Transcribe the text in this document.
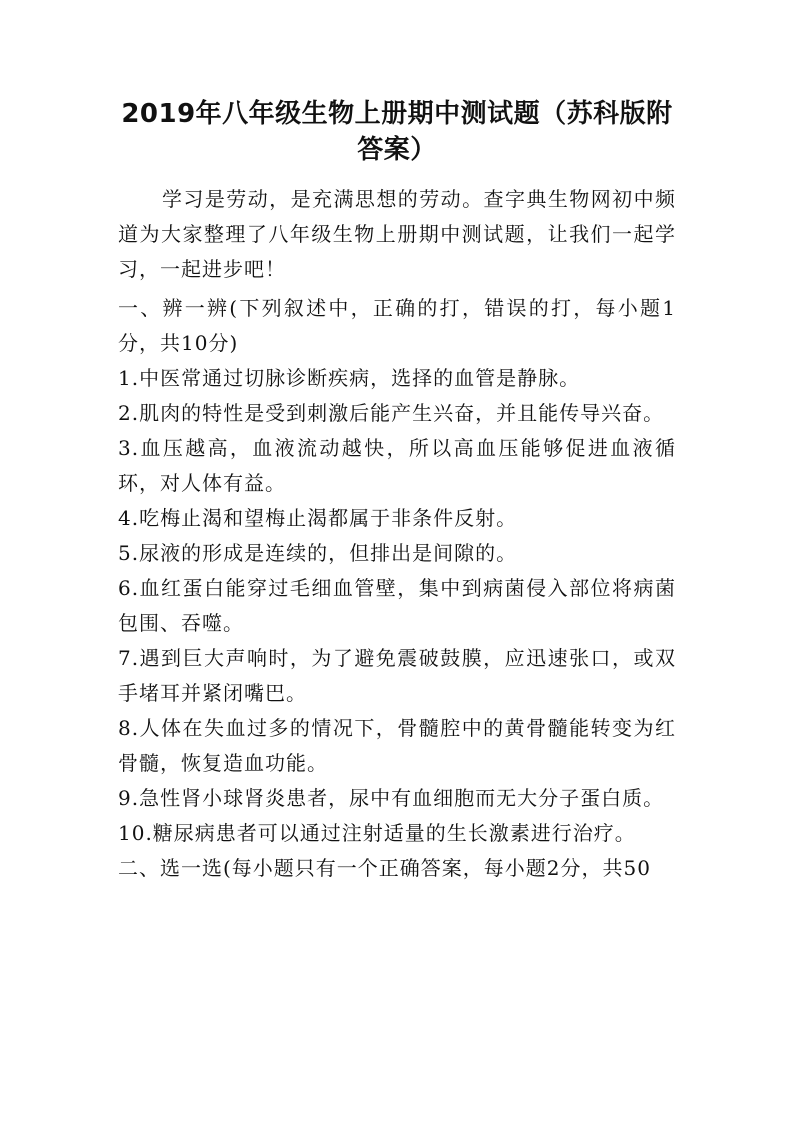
2019年八年级生物上册期中测试题（苏科版附答案）

学习是劳动，是充满思想的劳动。查字典生物网初中频道为大家整理了八年级生物上册期中测试题，让我们一起学习，一起进步吧！

一、辨一辨(下列叙述中，正确的打，错误的打，每小题1分，共10分)

1.中医常通过切脉诊断疾病，选择的血管是静脉。

2.肌肉的特性是受到刺激后能产生兴奋，并且能传导兴奋。

3.血压越高，血液流动越快，所以高血压能够促进血液循环，对人体有益。

4.吃梅止渴和望梅止渴都属于非条件反射。

5.尿液的形成是连续的，但排出是间隙的。

6.血红蛋白能穿过毛细血管壁，集中到病菌侵入部位将病菌包围、吞噬。

7.遇到巨大声响时，为了避免震破鼓膜，应迅速张口，或双手堵耳并紧闭嘴巴。

8.人体在失血过多的情况下，骨髓腔中的黄骨髓能转变为红骨髓，恢复造血功能。

9.急性肾小球肾炎患者，尿中有血细胞而无大分子蛋白质。

10.糖尿病患者可以通过注射适量的生长激素进行治疗。

二、选一选(每小题只有一个正确答案，每小题2分，共50
